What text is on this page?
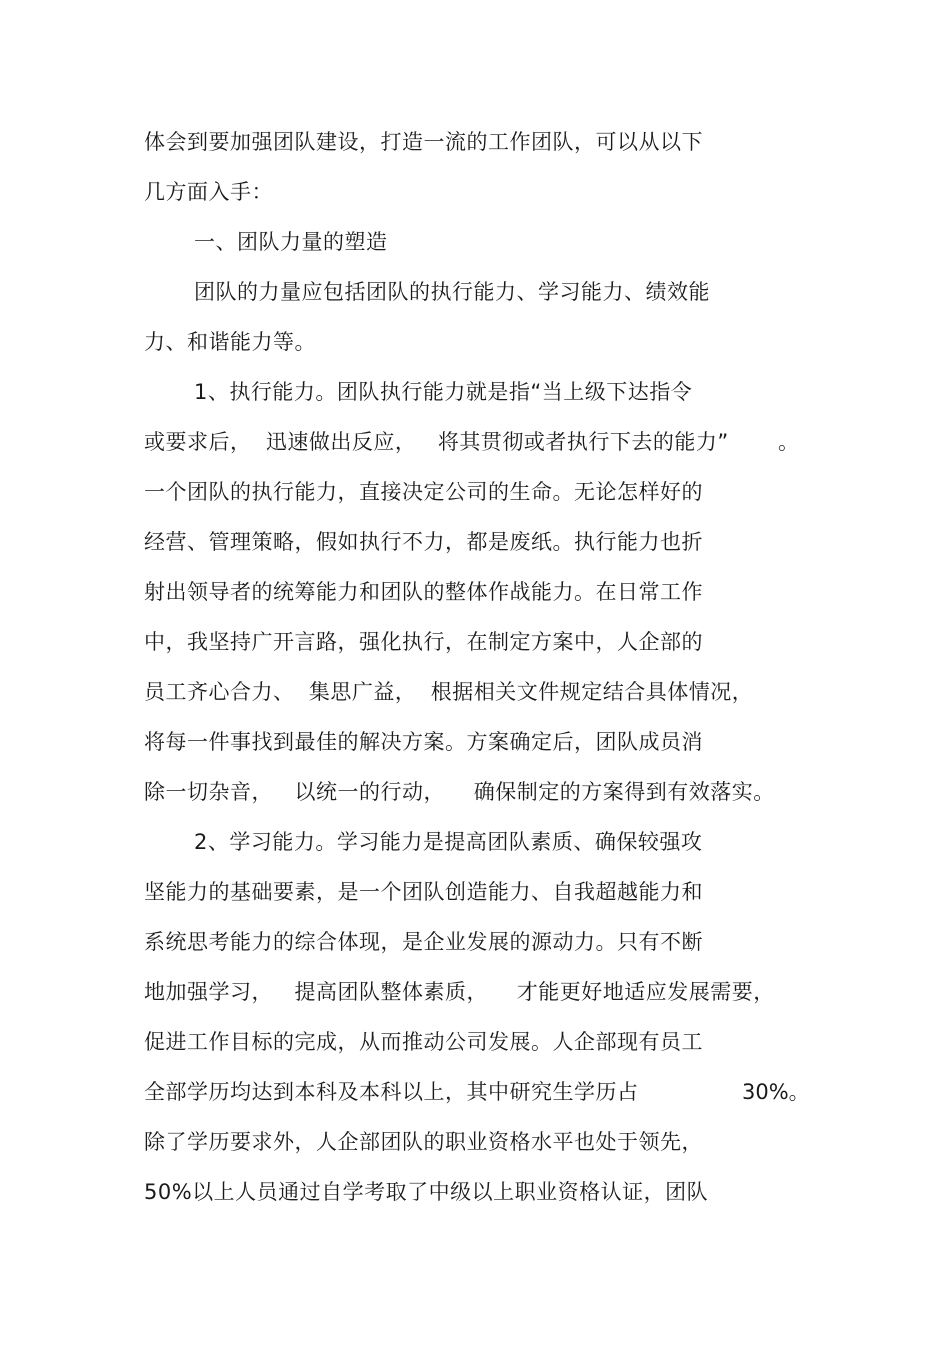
体会到要加强团队建设，打造一流的工作团队，可以从以下
几方面入手：
一、团队力量的塑造
团队的力量应包括团队的执行能力、学习能力、绩效能
力、和谐能力等。
1、执行能力。团队执行能力就是指“当上级下达指令
或要求后，  迅速做出反应，   将其贯彻或者执行下去的能力” 。
一个团队的执行能力，直接决定公司的生命。无论怎样好的
经营、管理策略，假如执行不力，都是废纸。执行能力也折
射出领导者的统筹能力和团队的整体作战能力。在日常工作
中，我坚持广开言路，强化执行，在制定方案中，人企部的
员工齐心合力、  集思广益，  根据相关文件规定结合具体情况，
将每一件事找到最佳的解决方案。方案确定后，团队成员消
除一切杂音，   以统一的行动，    确保制定的方案得到有效落实。
2、学习能力。学习能力是提高团队素质、确保较强攻
坚能力的基础要素，是一个团队创造能力、自我超越能力和
系统思考能力的综合体现，是企业发展的源动力。只有不断
地加强学习，   提高团队整体素质，    才能更好地适应发展需要，
促进工作目标的完成，从而推动公司发展。人企部现有员工
全部学历均达到本科及本科以上，其中研究生学历占	30%。
除了学历要求外，人企部团队的职业资格水平也处于领先，
50%以上人员通过自学考取了中级以上职业资格认证，团队
